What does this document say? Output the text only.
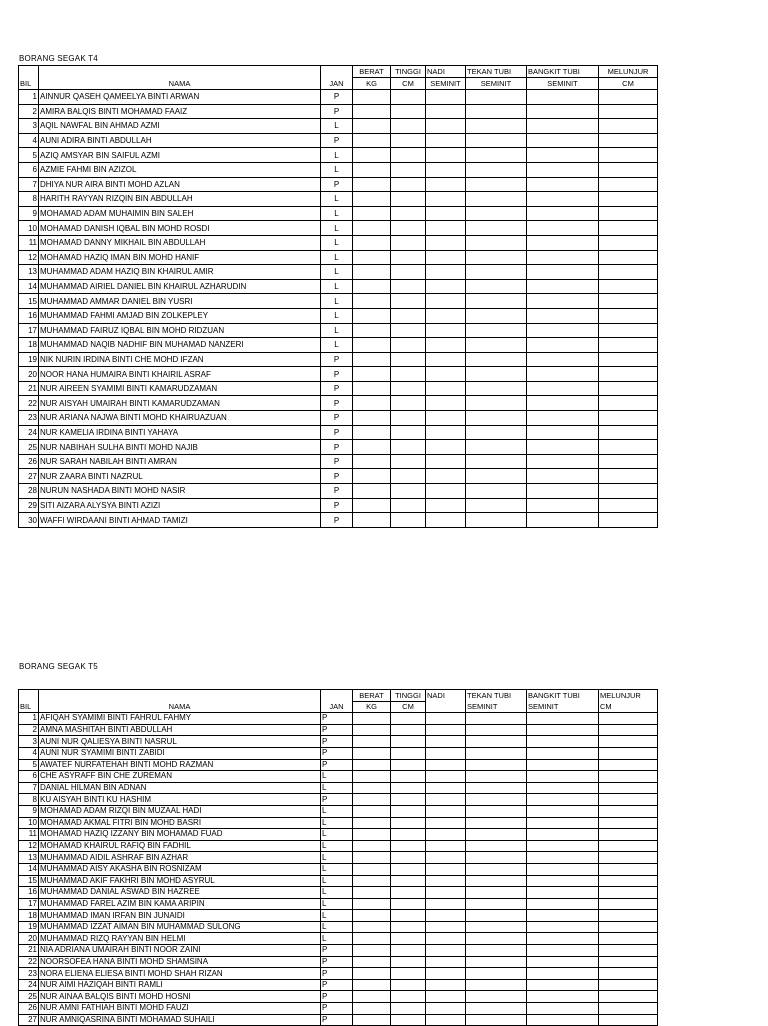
BORANG SEGAK T4
			BERAT	TINGGI	NADI	TEKAN TUBI	BANGKIT TUBI	MELUNJUR
BIL	NAMA	JAN	KG	CM	SEMINIT	SEMINIT	SEMINIT	CM
1	AINNUR QASEH QAMEELYA BINTI ARWAN	P						
2	AMIRA BALQIS BINTI MOHAMAD FAAIZ	P						
3	AQIL NAWFAL BIN AHMAD AZMI	L						
4	AUNI ADIRA BINTI ABDULLAH	P						
5	AZIQ AMSYAR BIN SAIFUL AZMI	L						
6	AZMIE FAHMI BIN AZIZOL	L						
7	DHIYA NUR AIRA BINTI MOHD AZLAN	P						
8	HARITH RAYYAN RIZQIN BIN ABDULLAH	L						
9	MOHAMAD ADAM MUHAIMIN BIN SALEH	L						
10	MOHAMAD DANISH IQBAL BIN MOHD ROSDI	L						
11	MOHAMAD DANNY MIKHAIL BIN ABDULLAH	L						
12	MOHAMAD HAZIQ IMAN BIN MOHD HANIF	L						
13	MUHAMMAD ADAM HAZIQ BIN KHAIRUL AMIR	L						
14	MUHAMMAD AIRIEL DANIEL BIN KHAIRUL AZHARUDIN	L						
15	MUHAMMAD AMMAR DANIEL BIN YUSRI	L						
16	MUHAMMAD FAHMI AMJAD BIN ZOLKEPLEY	L						
17	MUHAMMAD FAIRUZ IQBAL BIN MOHD RIDZUAN	L						
18	MUHAMMAD NAQIB NADHIF BIN MUHAMAD NANZERI	L						
19	NIK NURIN IRDINA BINTI CHE MOHD IFZAN	P						
20	NOOR HANA HUMAIRA BINTI KHAIRIL ASRAF	P						
21	NUR AIREEN SYAMIMI BINTI KAMARUDZAMAN	P						
22	NUR AISYAH UMAIRAH BINTI KAMARUDZAMAN	P						
23	NUR ARIANA NAJWA BINTI MOHD KHAIRUAZUAN	P						
24	NUR KAMELIA IRDINA BINTI YAHAYA	P						
25	NUR NABIHAH SULHA BINTI MOHD NAJIB	P						
26	NUR SARAH NABILAH BINTI AMRAN	P						
27	NUR ZAARA BINTI NAZRUL	P						
28	NURUN NASHADA BINTI MOHD NASIR	P						
29	SITI AIZARA ALYSYA BINTI AZIZI	P						
30	WAFFI WIRDAANI BINTI AHMAD TAMIZI	P						
BORANG SEGAK T5
			BERAT	TINGGI	NADI	TEKAN TUBI	BANGKIT TUBI	MELUNJUR
BIL	NAMA	JAN	KG	CM		SEMINIT	SEMINIT	CM
1	AFIQAH SYAMIMI BINTI FAHRUL FAHMY	P						
2	AMNA MASHITAH BINTI ABDULLAH	P						
3	AUNI NUR QALIESYA BINTI NASRUL	P						
4	AUNI NUR SYAMIMI BINTI ZABIDI	P						
5	AWATEF NURFATEHAH BINTI MOHD RAZMAN	P						
6	CHE ASYRAFF BIN CHE ZUREMAN	L						
7	DANIAL HILMAN BIN ADNAN	L						
8	KU AISYAH BINTI KU HASHIM	P						
9	MOHAMAD ADAM RIZQI BIN MUZAAL HADI	L						
10	MOHAMAD AKMAL FITRI BIN MOHD BASRI	L						
11	MOHAMAD HAZIQ IZZANY BIN MOHAMAD FUAD	L						
12	MOHAMAD KHAIRUL RAFIQ BIN FADHIL	L						
13	MUHAMMAD AIDIL ASHRAF BIN AZHAR	L						
14	MUHAMMAD AISY AKASHA BIN ROSNIZAM	L						
15	MUHAMMAD AKIF FAKHRI BIN MOHD ASYRUL	L						
16	MUHAMMAD DANIAL ASWAD BIN HAZREE	L						
17	MUHAMMAD FAREL AZIM BIN KAMA ARIPIN	L						
18	MUHAMMAD IMAN IRFAN BIN JUNAIDI	L						
19	MUHAMMAD IZZAT AIMAN BIN MUHAMMAD SULONG	L						
20	MUHAMMAD RIZQ RAYYAN BIN HELMI	L						
21	NIA ADRIANA UMAIRAH BINTI NOOR ZAINI	P						
22	NOORSOFEA HANA BINTI MOHD SHAMSINA	P						
23	NORA ELIENA ELIESA BINTI MOHD SHAH RIZAN	P						
24	NUR AIMI HAZIQAH BINTI RAMLI	P						
25	NUR AINAA BALQIS BINTI MOHD HOSNI	P						
26	NUR AMNI FATHIAH BINTI MOHD FAUZI	P						
27	NUR AMNIQASRINA BINTI MOHAMAD SUHAILI	P						
